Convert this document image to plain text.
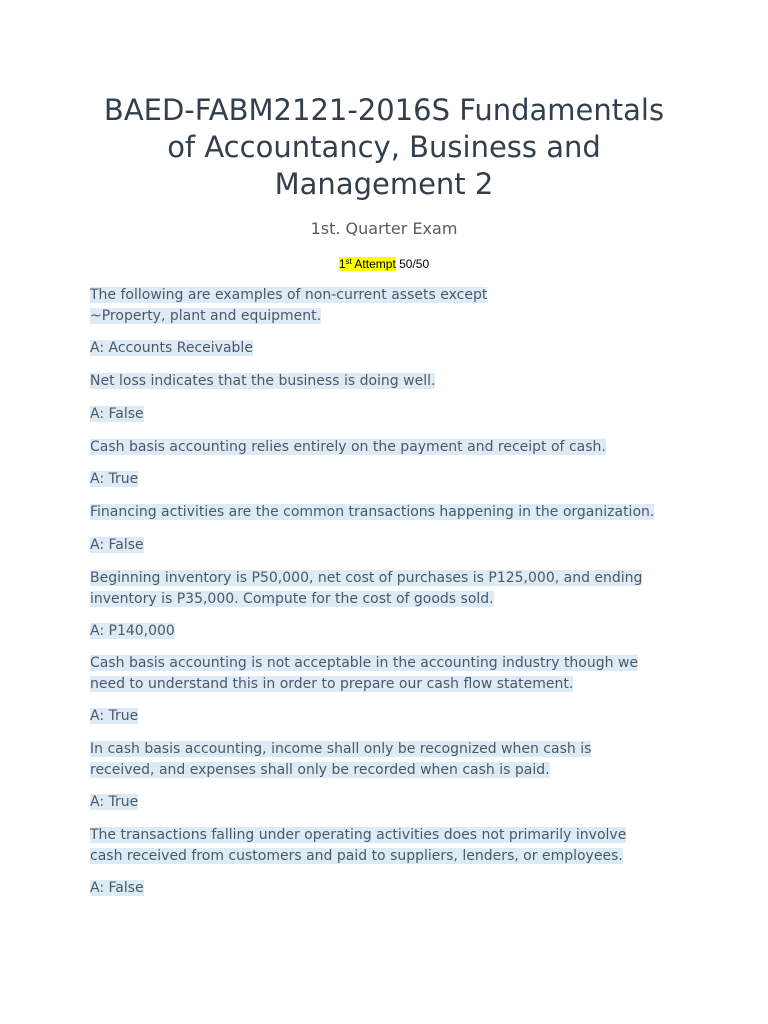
BAED-FABM2121-2016S Fundamentals
of Accountancy, Business and
Management 2
1st. Quarter Exam
1st Attempt 50/50

The following are examples of non-current assets except
~Property, plant and equipment.

A: Accounts Receivable

Net loss indicates that the business is doing well.

A: False

Cash basis accounting relies entirely on the payment and receipt of cash.

A: True

Financing activities are the common transactions happening in the organization.

A: False

Beginning inventory is P50,000, net cost of purchases is P125,000, and ending
inventory is P35,000. Compute for the cost of goods sold.

A: P140,000

Cash basis accounting is not acceptable in the accounting industry though we
need to understand this in order to prepare our cash flow statement.

A: True

In cash basis accounting, income shall only be recognized when cash is
received, and expenses shall only be recorded when cash is paid.

A: True

The transactions falling under operating activities does not primarily involve
cash received from customers and paid to suppliers, lenders, or employees.

A: False
